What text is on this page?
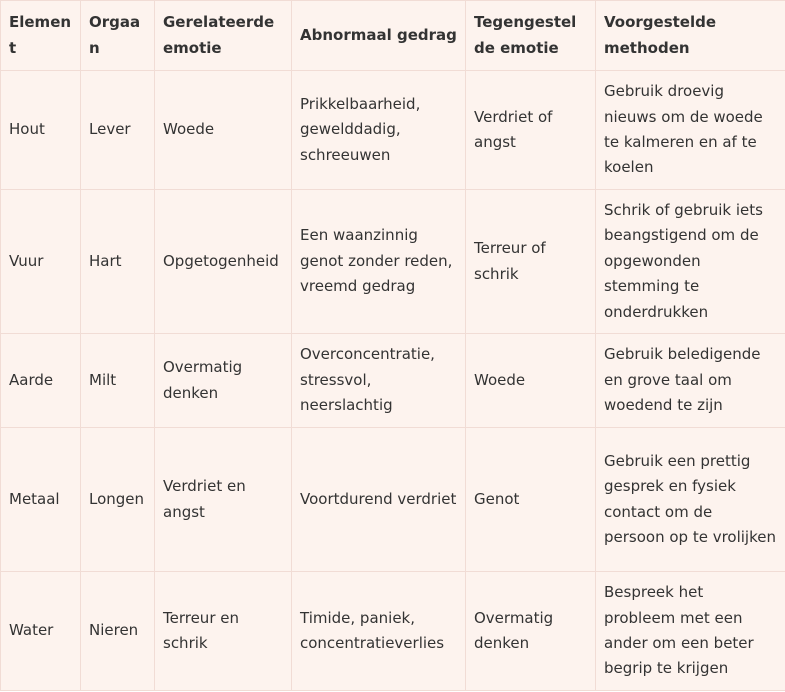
Element	Orgaan	Gerelateerde emotie	Abnormaal gedrag	Tegengestelde emotie	Voorgestelde methoden
Hout	Lever	Woede	Prikkelbaarheid, gewelddadig, schreeuwen	Verdriet of angst	Gebruik droevig nieuws om de woede te kalmeren en af te koelen
Vuur	Hart	Opgetogenheid	Een waanzinnig genot zonder reden, vreemd gedrag	Terreur of schrik	Schrik of gebruik iets beangstigend om de opgewonden stemming te onderdrukken
Aarde	Milt	Overmatig denken	Overconcentratie, stressvol, neerslachtig	Woede	Gebruik beledigende en grove taal om woedend te zijn
Metaal	Longen	Verdriet en angst	Voortdurend verdriet	Genot	Gebruik een prettig gesprek en fysiek contact om de persoon op te vrolijken
Water	Nieren	Terreur en schrik	Timide, paniek, concentratieverlies	Overmatig denken	Bespreek het probleem met een ander om een beter begrip te krijgen
